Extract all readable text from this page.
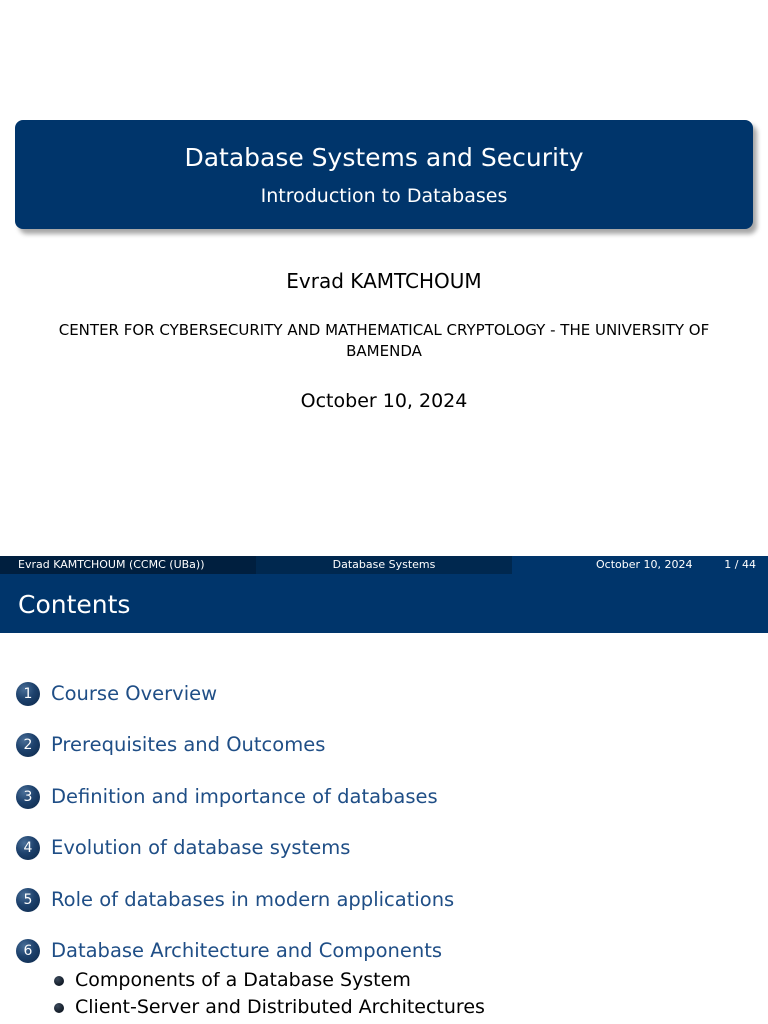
Database Systems and Security
Introduction to Databases
Evrad KAMTCHOUM
CENTER FOR CYBERSECURITY AND MATHEMATICAL CRYPTOLOGY - THE UNIVERSITY OF BAMENDA
October 10, 2024
Evrad KAMTCHOUM (CCMC (UBa))	Database Systems	October 10, 2024	1 / 44
Contents
1 Course Overview
2 Prerequisites and Outcomes
3 Definition and importance of databases
4 Evolution of database systems
5 Role of databases in modern applications
6 Database Architecture and Components
Components of a Database System
Client-Server and Distributed Architectures
